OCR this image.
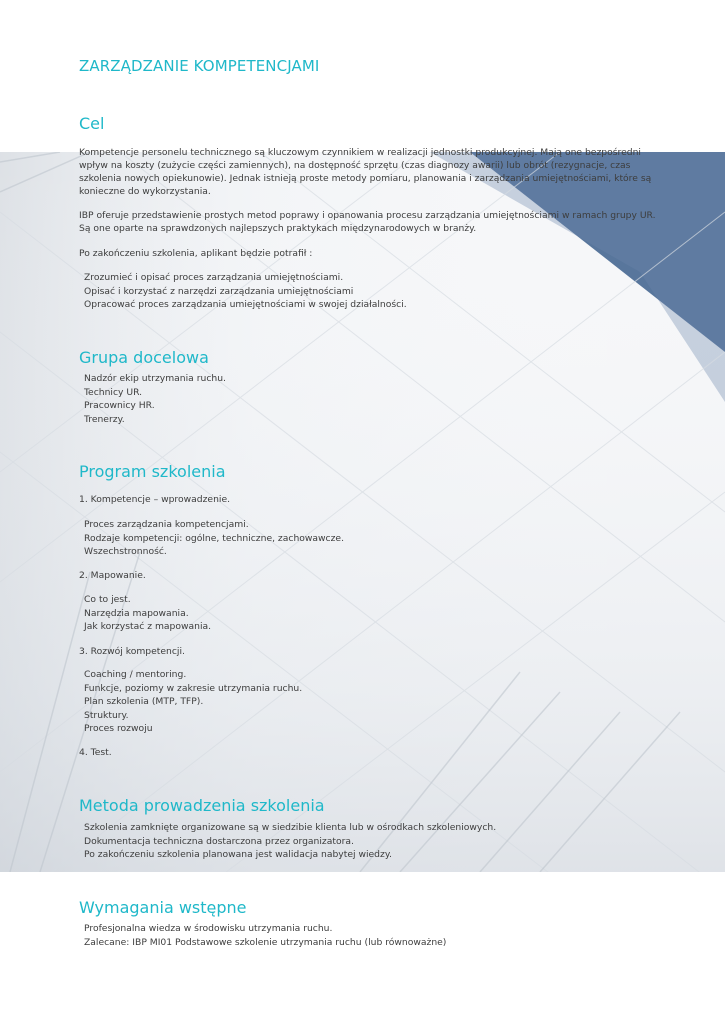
ZARZĄDZANIE KOMPETENCJAMI
Cel

Kompetencje personelu technicznego są kluczowym czynnikiem w realizacji jednostki produkcyjnej. Mają one bezpośredni wpływ na koszty (zużycie części zamiennych), na dostępność sprzętu (czas diagnozy awarii) lub obrót (rezygnacje, czas szkolenia nowych opiekunowie). Jednak istnieją proste metody pomiaru, planowania i zarządzania umiejętnościami, które są konieczne do wykorzystania.

IBP oferuje przedstawienie prostych metod poprawy i opanowania procesu zarządzania umiejętnościami w ramach grupy UR. Są one oparte na sprawdzonych najlepszych praktykach międzynarodowych w branży.

Po zakończeniu szkolenia, aplikant będzie potrafił :

Zrozumieć i opisać proces zarządzania umiejętnościami.
Opisać i korzystać z narzędzi zarządzania umiejętnościami
Opracować proces zarządzania umiejętnościami w swojej działalności.
Grupa docelowa
Nadzór ekip utrzymania ruchu.
Technicy UR.
Pracownicy HR.
Trenerzy.
Program szkolenia
1. Kompetencje – wprowadzenie.
Proces zarządzania kompetencjami.
Rodzaje kompetencji: ogólne, techniczne, zachowawcze.
Wszechstronność.
2. Mapowanie.
Co to jest.
Narzędzia mapowania.
Jak korzystać z mapowania.
3. Rozwój kompetencji.
Coaching / mentoring.
Funkcje, poziomy w zakresie utrzymania ruchu.
Plan szkolenia (MTP, TFP).
Struktury.
Proces rozwoju
4. Test.
Metoda prowadzenia szkolenia
Szkolenia zamknięte organizowane są w siedzibie klienta lub w ośrodkach szkoleniowych.
Dokumentacja techniczna dostarczona przez organizatora.
Po zakończeniu szkolenia planowana jest walidacja nabytej wiedzy.
Wymagania wstępne
Profesjonalna wiedza w środowisku utrzymania ruchu.
Zalecane: IBP MI01 Podstawowe szkolenie utrzymania ruchu (lub równoważne)
